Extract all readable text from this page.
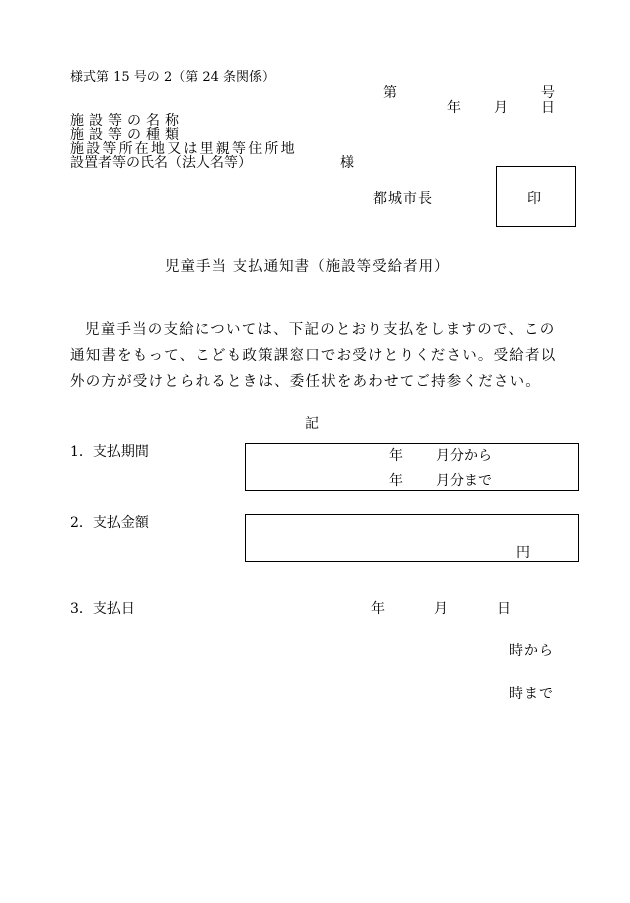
様式第 15 号の 2（第 24 条関係）
第	号
年 月 日
施設等の名称
施設等の種類
施設等所在地又は里親等住所地
設置者等の氏名（法人名等）	様
都城市長	印
児童手当 支払通知書（施設等受給者用）
児童手当の支給については、下記のとおり支払をしますので、この通知書をもって、こども政策課窓口でお受けとりください。受給者以外の方が受けとられるときは、委任状をあわせてご持参ください。
記
1．支払期間	年 月分から
年 月分まで
2．支払金額
円
3．支払日	年	月	日
時から
時まで
